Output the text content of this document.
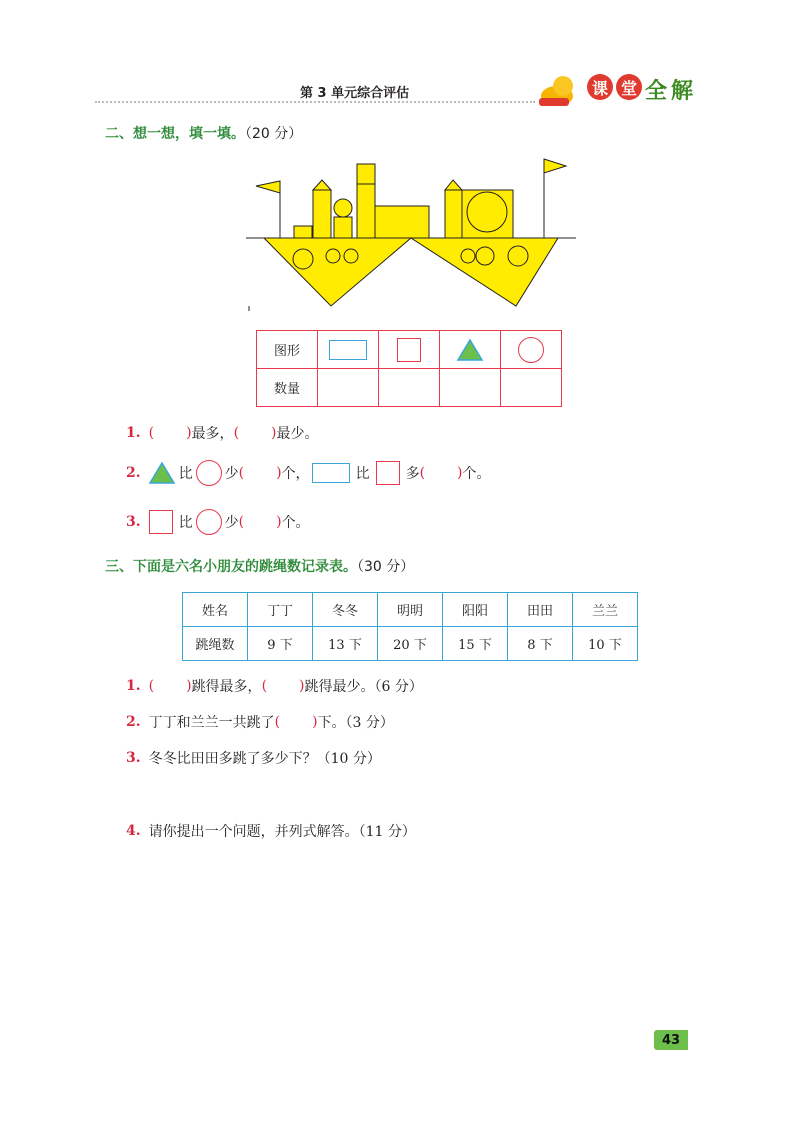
第 3 单元综合评估	课 堂 全 解
二、想一想，填一填。（20 分）
图形				
数量				
1. ( ) 最多， ( ) 最少。
2.	比 少 ( ) 个，	比	多 ( ) 个。
3.	比 少 ( ) 个。
三、下面是六名小朋友的跳绳数记录表。（30 分）
姓名	丁丁	冬冬	明明	阳阳	田田	兰兰
跳绳数	9 下	13 下	20 下	15 下	8 下	10 下
1. ( ) 跳得最多， ( ) 跳得最少。（6 分）
2. 丁丁和兰兰一共跳了 ( ) 下。（3 分）
3. 冬冬比田田多跳了多少下？（10 分）
4. 请你提出一个问题，并列式解答。（11 分）
43
